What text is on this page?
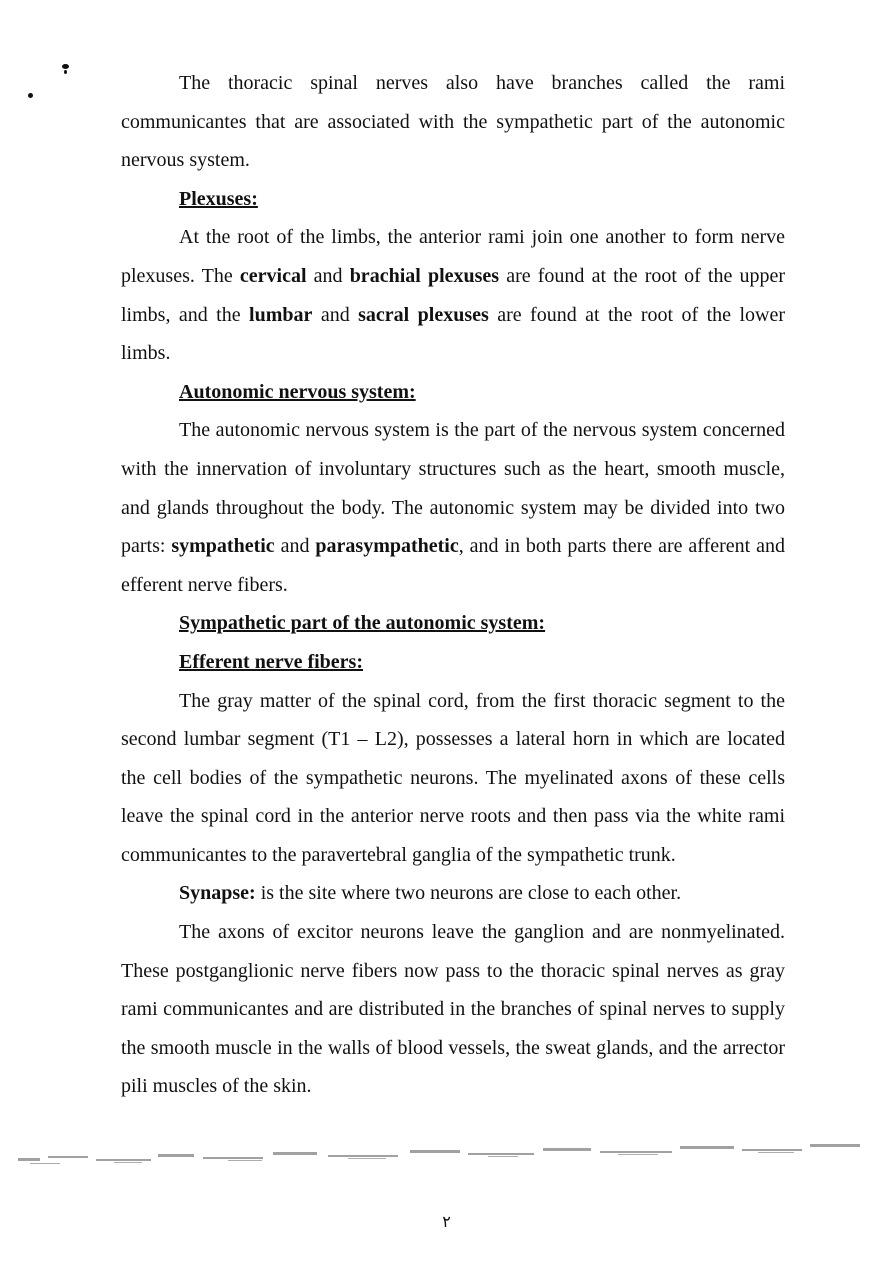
The thoracic spinal nerves also have branches called the rami communicantes that are associated with the sympathetic part of the autonomic nervous system.

Plexuses:

At the root of the limbs, the anterior rami join one another to form nerve plexuses. The cervical and brachial plexuses are found at the root of the upper limbs, and the lumbar and sacral plexuses are found at the root of the lower limbs.

Autonomic nervous system:

The autonomic nervous system is the part of the nervous system concerned with the innervation of involuntary structures such as the heart, smooth muscle, and glands throughout the body. The autonomic system may be divided into two parts: sympathetic and parasympathetic, and in both parts there are afferent and efferent nerve fibers.

Sympathetic part of the autonomic system:

Efferent nerve fibers:

The gray matter of the spinal cord, from the first thoracic segment to the second lumbar segment (T1 – L2), possesses a lateral horn in which are located the cell bodies of the sympathetic neurons. The myelinated axons of these cells leave the spinal cord in the anterior nerve roots and then pass via the white rami communicantes to the paravertebral ganglia of the sympathetic trunk.

Synapse: is the site where two neurons are close to each other.

The axons of excitor neurons leave the ganglion and are nonmyelinated. These postganglionic nerve fibers now pass to the thoracic spinal nerves as gray rami communicantes and are distributed in the branches of spinal nerves to supply the smooth muscle in the walls of blood vessels, the sweat glands, and the arrector pili muscles of the skin.

٢
